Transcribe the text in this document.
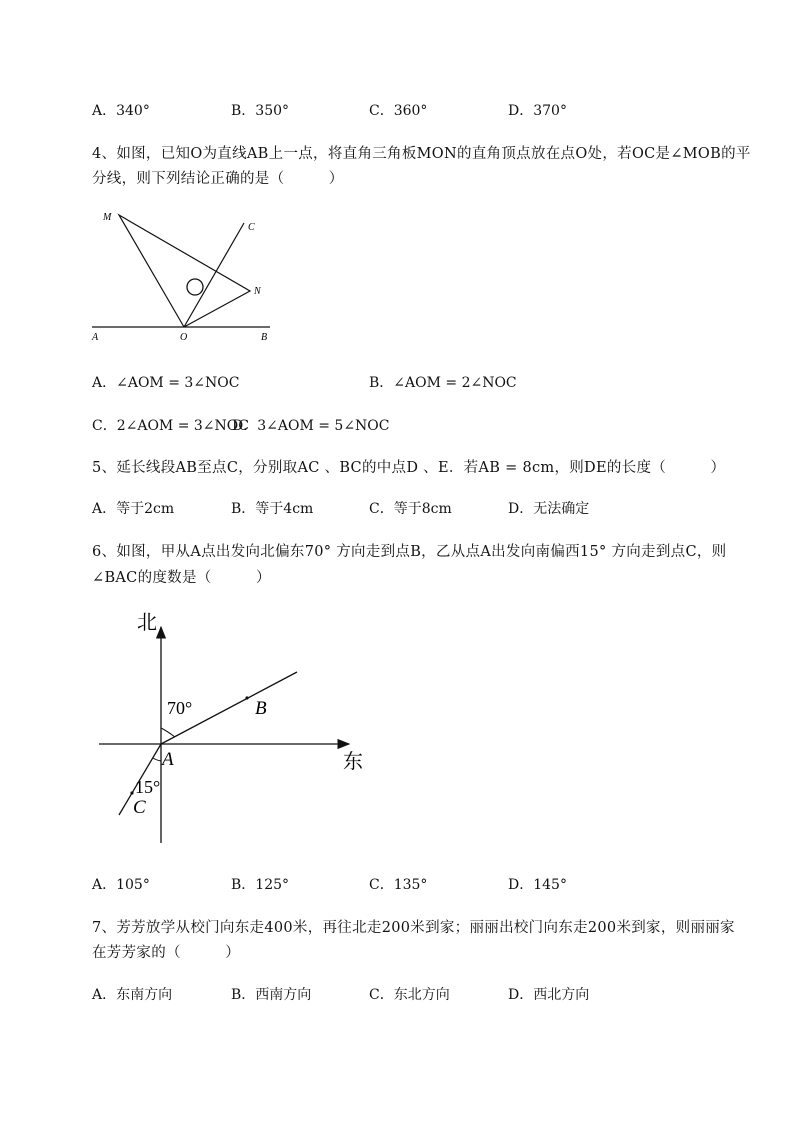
A．340°	B．350°	C．360°	D．370°
4、如图，已知O为直线AB上一点，将直角三角板MON的直角顶点放在点O处，若OC是∠MOB的平
分线，则下列结论正确的是（　　　）
M
C
N
A	O	B
A．∠AOM = 3∠NOC	B．∠AOM = 2∠NOC
C．2∠AOM = 3∠NOC
D．3∠AOM = 5∠NOC
5、延长线段AB至点C，分别取AC 、BC的中点D 、E．若AB = 8cm，则DE的长度（　　　）
A．等于2cm	B．等于4cm	C．等于8cm	D．无法确定
6、如图，甲从A点出发向北偏东70° 方向走到点B，乙从点A出发向南偏西15° 方向走到点C，则
∠BAC的度数是（　　　）
北
东
70°	B
A
15°
C
A．105°	B．125°	C．135°	D．145°
7、芳芳放学从校门向东走400米，再往北走200米到家；丽丽出校门向东走200米到家，则丽丽家
在芳芳家的（　　　）
A．东南方向	B．西南方向	C．东北方向	D．西北方向
